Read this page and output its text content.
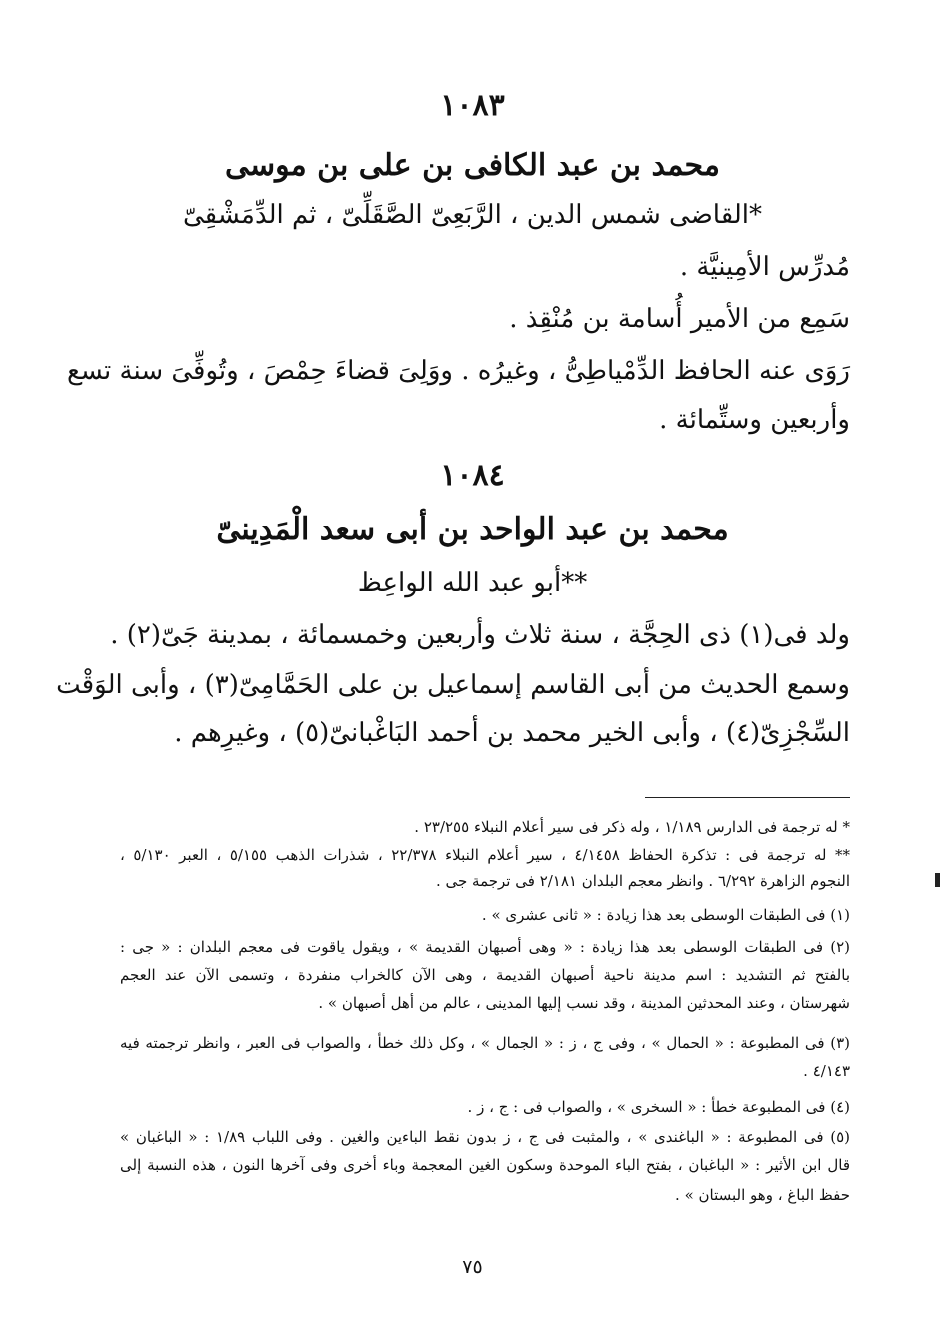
١٠٨٣
محمد بن عبد الكافى بن على بن موسى
القاضى شمس الدين ، الرَّبَعِىّ الصَّقَلِّىّ ، ثم الدِّمَشْقِىّ*
مُدرِّس الأمِينيَّة .
سَمِع من الأمير أُسامة بن مُنْقِذ .
رَوَى عنه الحافظ الدِّمْياطِىُّ ، وغيرُه . ووَلِىَ قضاءَ حِمْصَ ، وتُوفِّىَ سنة تسع
وأربعين وستِّمائة .
١٠٨٤
محمد بن عبد الواحد بن أبى سعد الْمَدِينىّ
أبو عبد الله الواعِظ**
ولد فى(١) ذى الحِجَّة ، سنة ثلاث وأربعين وخمسمائة ، بمدينة جَىّ(٢) .
وسمع الحديث من أبى القاسم إسماعيل بن على الحَمَّامِىّ(٣) ، وأبى الوَقْت
السِّجْزِىّ(٤) ، وأبى الخير محمد بن أحمد البَاغْبانىّ(٥) ، وغيرِهم .
* له ترجمة فى الدارس ١/١٨٩ ، وله ذكر فى سير أعلام النبلاء ٢٣/٢٥٥ .
** له ترجمة فى : تذكرة الحفاظ ٤/١٤٥٨ ، سير أعلام النبلاء ٢٢/٣٧٨ ، شذرات الذهب ٥/١٥٥ ، العبر ٥/١٣٠ ،
النجوم الزاهرة ٦/٢٩٢ . وانظر معجم البلدان ٢/١٨١ فى ترجمة جى .
(١) فى الطبقات الوسطى بعد هذا زيادة : « ثانى عشرى » .
(٢) فى الطبقات الوسطى بعد هذا زيادة : « وهى أصبهان القديمة » ، ويقول ياقوت فى معجم البلدان : « جى :
بالفتح ثم التشديد : اسم مدينة ناحية أصبهان القديمة ، وهى الآن كالخراب منفردة ، وتسمى الآن عند العجم
شهرستان ، وعند المحدثين المدينة ، وقد نسب إليها المدينى ، عالم من أهل أصبهان » .
(٣) فى المطبوعة : « الحمال » ، وفى ج ، ز : « الجمال » ، وكل ذلك خطأ ، والصواب فى العبر ، وانظر ترجمته فيه
٤/١٤٣ .
(٤) فى المطبوعة خطأ : « السخرى » ، والصواب فى : ج ، ز .
(٥) فى المطبوعة : « الباغندى » ، والمثبت فى ج ، ز بدون نقط الباءين والغين . وفى اللباب ١/٨٩ : « الباغبان »
قال ابن الأثير : « الباغبان ، بفتح الباء الموحدة وسكون الغين المعجمة وباء أخرى وفى آخرها النون ، هذه النسبة إلى
حفظ الباغ ، وهو البستان » .
٧٥
